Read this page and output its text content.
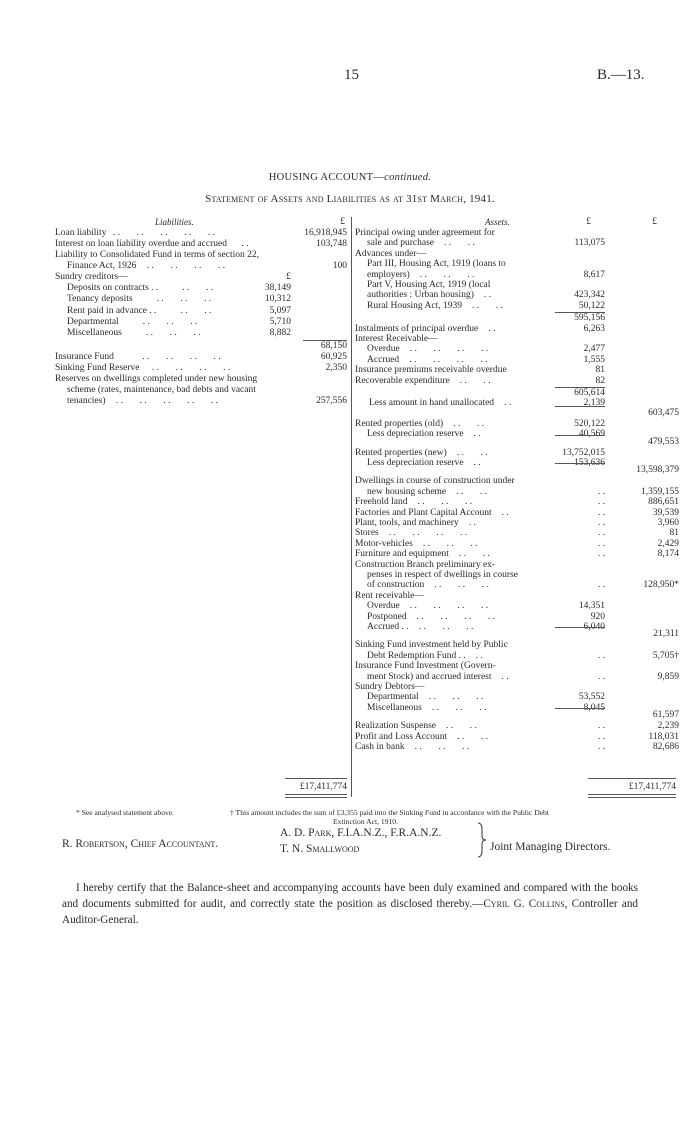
15	B.—13.
HOUSING ACCOUNT—continued.
Statement of Assets and Liabilities as at 31st March, 1941.
Liabilities.	£
Loan liability . .       . .       . .       . .       . .	16,918,945
Interest on loan liability overdue and accrued . .	103,748
Liability to Consolidated Fund in terms of section 22,
Finance Act, 1926 . .       . .       . .       . .	100
Sundry creditors—	£
Deposits on contracts . .	. .       . .	38,149
Tenancy deposits	. .       . .       . .	10,312
Rent paid in advance . .	. .       . .	5,097
Departmental	. .       . .       . .	5,710
Miscellaneous	. .       . .       . .	8,882
68,150
Insurance Fund	. .       . .       . .       . .	60,925
Sinking Fund Reserve . .       . .       . .       . .	2,350
Reserves on dwellings completed under new housing
scheme (rates, maintenance, bad debts and vacant
tenancies) . .       . .       . .       . .       . .	257,556
£17,411,774
Assets.	£	£
Principal owing under agreement for
sale and purchase . .       . .	113,075
Advances under—
Part III, Housing Act, 1919 (loans to
employers) . .       . .       . .	8,617
Part V, Housing Act, 1919 (local
authorities : Urban housing) . .	423,342
Rural Housing Act, 1939 . .       . .	50,122
595,156
Instalments of principal overdue . .	6,263
Interest Receivable—
Overdue . .       . .       . .       . .	2,477
Accrued . .       . .       . .       . .	1,555
Insurance premiums receivable overdue	81
Recoverable expenditure . .       . .	82
605,614
Less amount in hand unallocated . .	2,139
603,475
Rented properties (old) . .       . .	520,122
Less depreciation reserve . .	40,569
479,553
Rented properties (new) . .       . .	13,752,015
Less depreciation reserve . .	153,636
13,598,379
Dwellings in course of construction under
new housing scheme . .       . .	. .	1,359,155
Freehold land . .       . .       . .	. .	886,651
Factories and Plant Capital Account . .	. .	39,539
Plant, tools, and machinery . .	. .	3,960
Stores . .       . .       . .       . .	. .	81
Motor-vehicles . .       . .       . .	. .	2,429
Furniture and equipment . .       . .	. .	8,174
Construction Branch preliminary ex-
penses in respect of dwellings in course
of construction . .       . .       . .	. .	128,950*
Rent receivable—
Overdue . .       . .       . .       . .	14,351
Postponed . .       . .       . .       . .	920
Accrued . . . .       . .       . .	6,040
21,311
Sinking Fund investment held by Public
Debt Redemption Fund . . . .	. .	5,705†
Insurance Fund Investment (Govern-
ment Stock) and accrued interest . .	. .	9,859
Sundry Debtors—
Departmental . .       . .       . .	53,552
Miscellaneous . .       . .       . .	8,045
61,597
Realization Suspense . .       . .	. .	2,239
Profit and Loss Account . .       . .	. .	118,031
Cash in bank . .       . .       . .	. .	82,686
£17,411,774
* See analysed statement above.	† This amount includes the sum of £3,355 paid into the Sinking Fund in accordance with the Public Debt
Extinction Act, 1910.
R. Robertson, Chief Accountant.
A. D. Park, F.I.A.N.Z., F.R.A.N.Z.
T. N. Smallwood	Joint Managing Directors.
I hereby certify that the Balance-sheet and accompanying accounts have been duly examined and compared with the books and documents submitted for audit, and correctly state the position as disclosed thereby.—Cyril G. Collins, Controller and Auditor-General.
